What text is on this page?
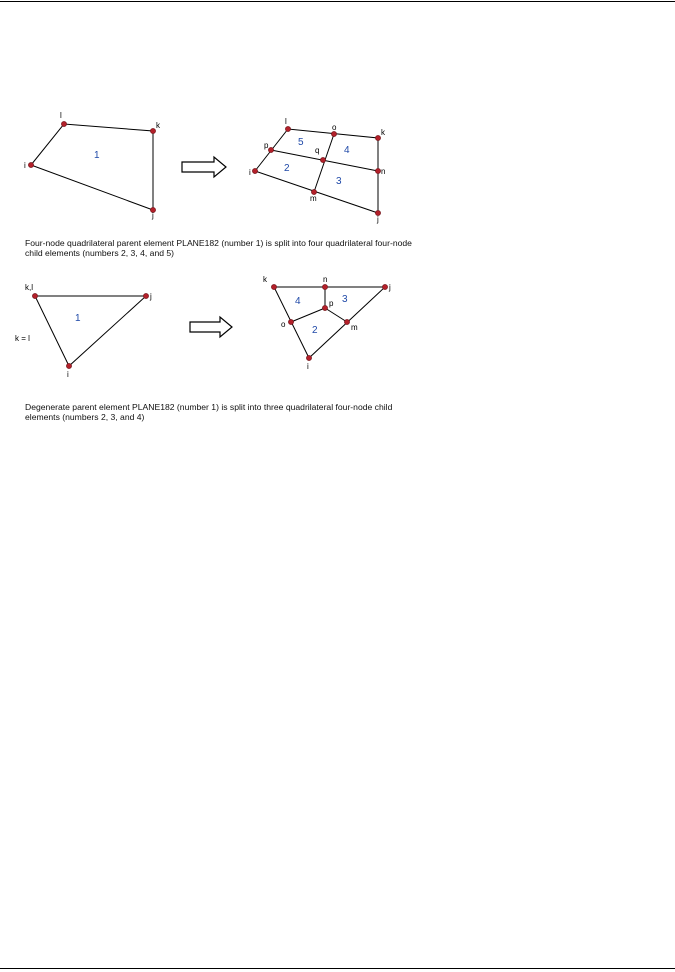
i
j
k
l
1
i
m
j
n
k
o
l
p
q
2
3
4
5
i
j
k,l
k = l
1
i
m
j
n
k
o
p
2
3
4

Four-node quadrilateral parent element PLANE182 (number 1) is split into four quadrilateral four-node child elements (numbers 2, 3, 4, and 5)

Degenerate parent element PLANE182 (number 1) is split into three quadrilateral four-node child elements (numbers 2, 3, and 4)
